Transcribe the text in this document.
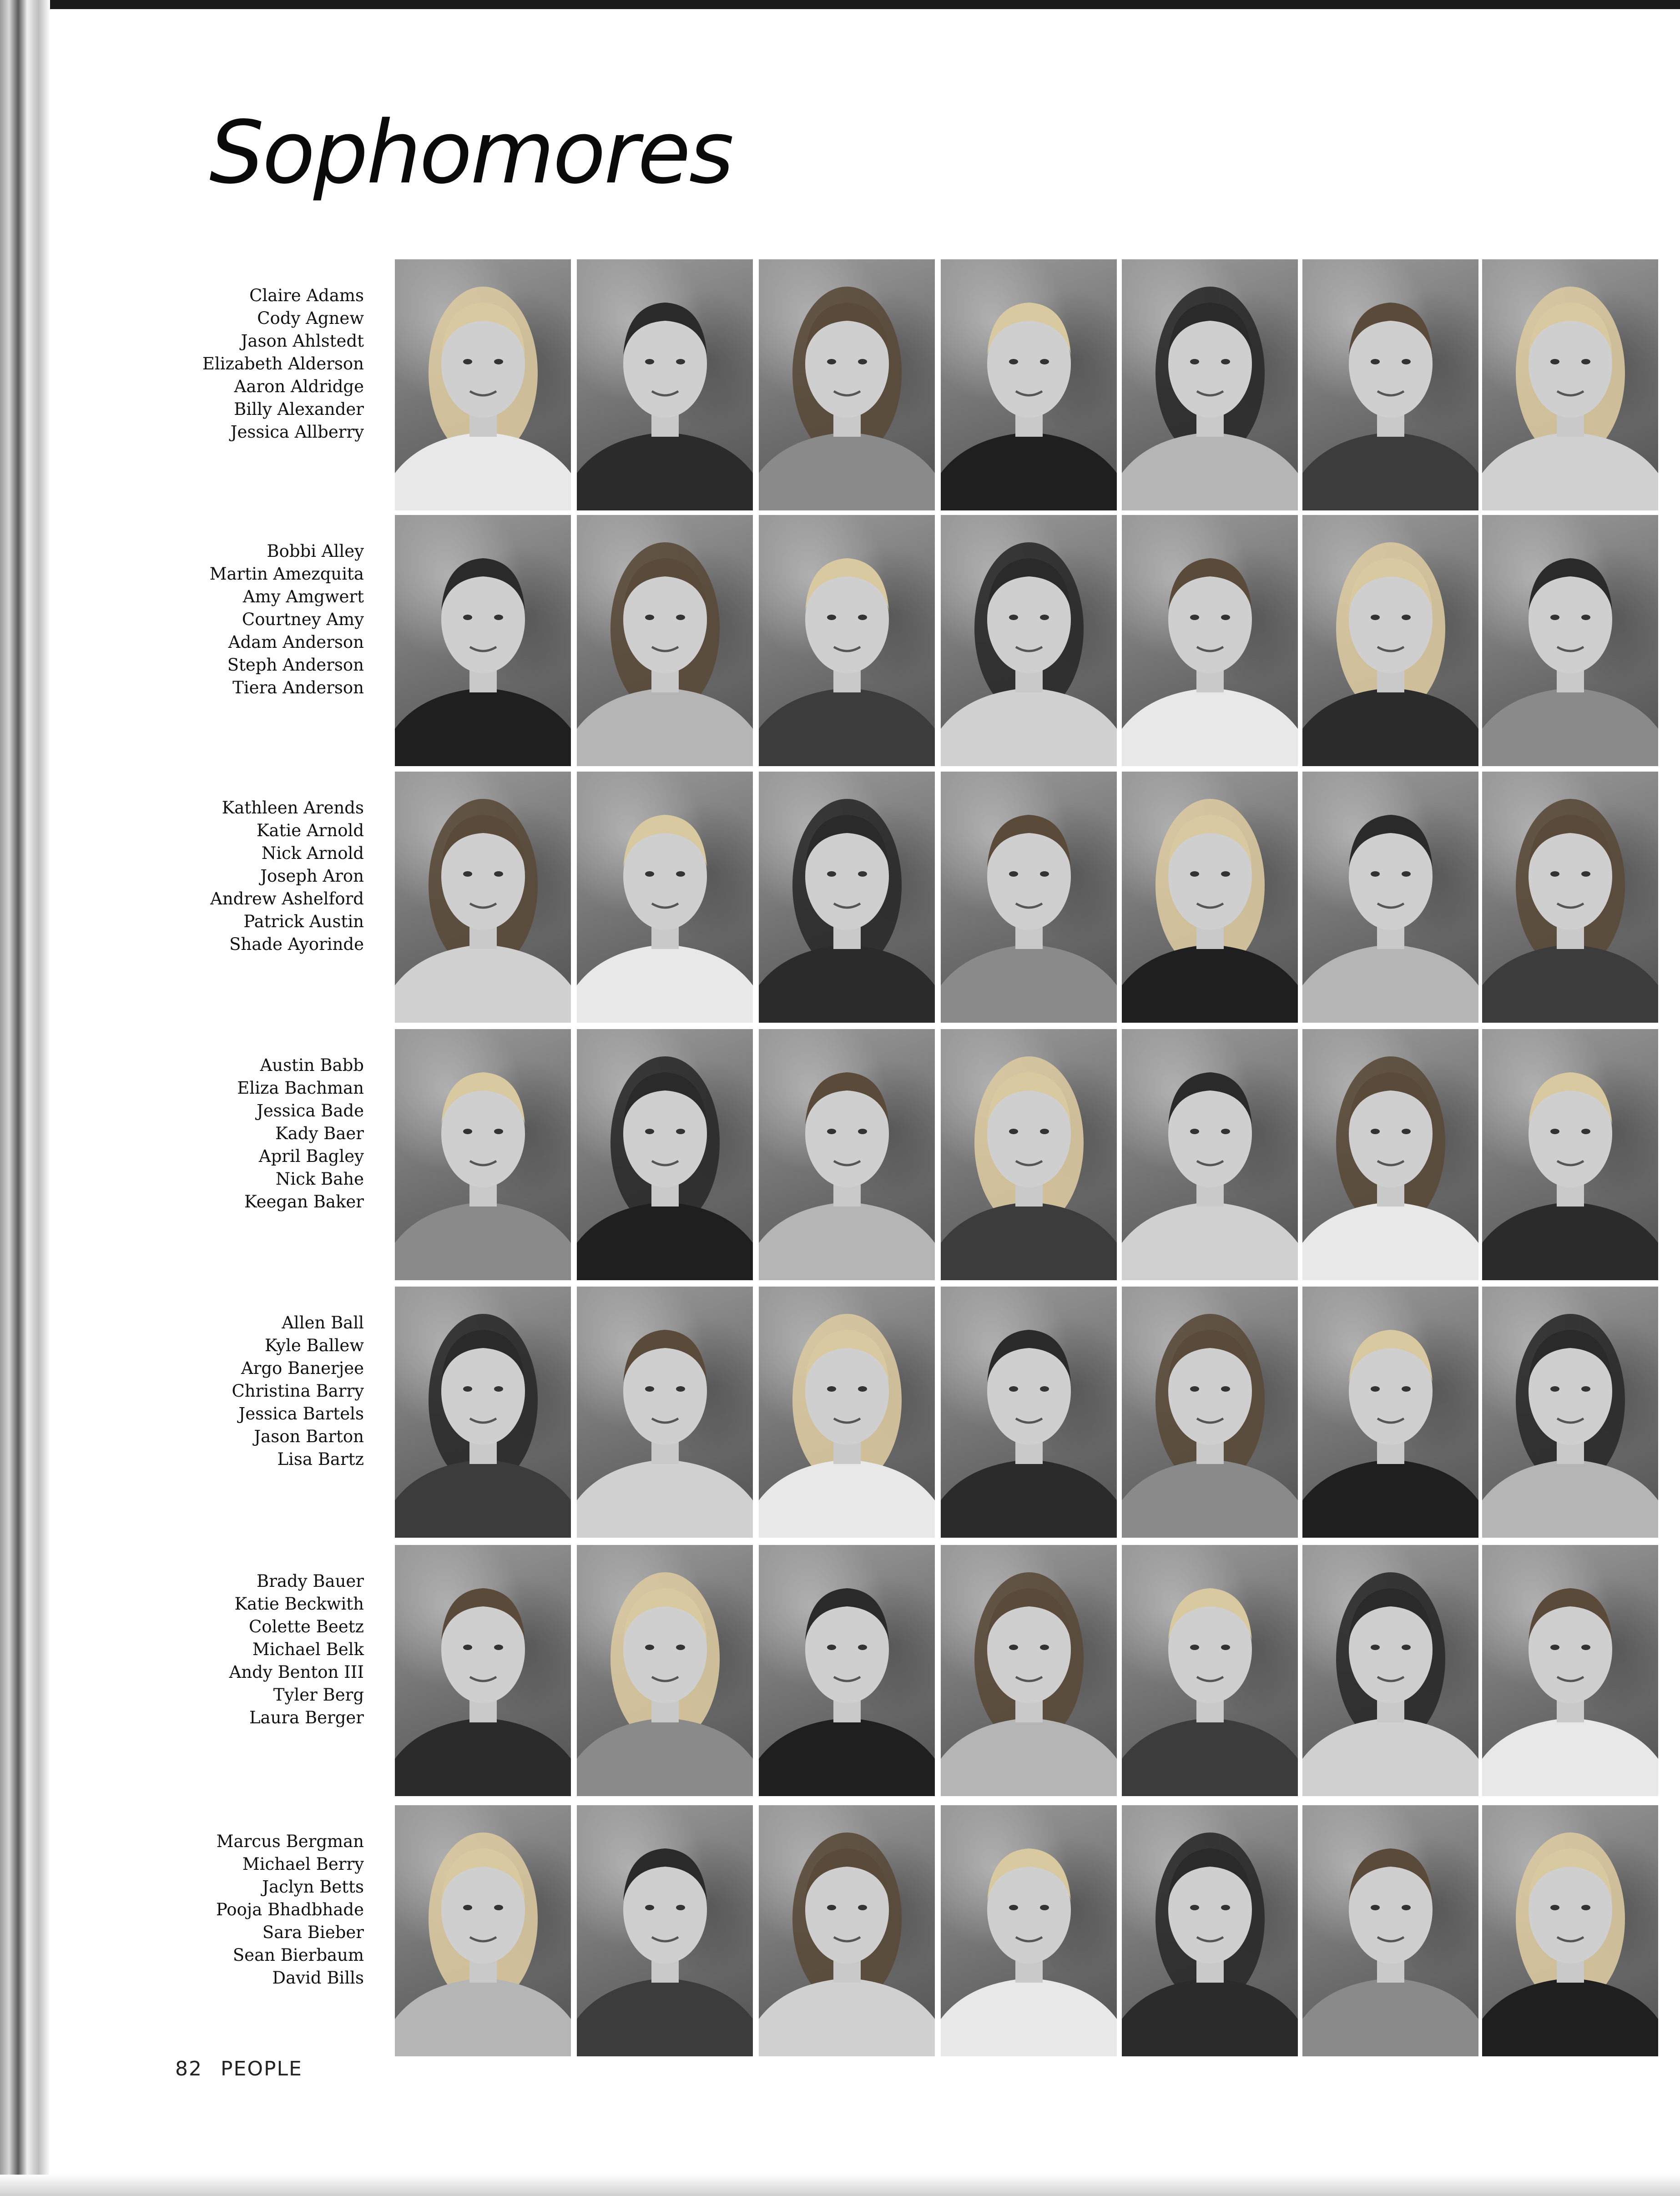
Sophomores
Claire Adams
Cody Agnew
Jason Ahlstedt
Elizabeth Alderson
Aaron Aldridge
Billy Alexander
Jessica Allberry
Bobbi Alley
Martin Amezquita
Amy Amgwert
Courtney Amy
Adam Anderson
Steph Anderson
Tiera Anderson
Kathleen Arends
Katie Arnold
Nick Arnold
Joseph Aron
Andrew Ashelford
Patrick Austin
Shade Ayorinde
Austin Babb
Eliza Bachman
Jessica Bade
Kady Baer
April Bagley
Nick Bahe
Keegan Baker
Allen Ball
Kyle Ballew
Argo Banerjee
Christina Barry
Jessica Bartels
Jason Barton
Lisa Bartz
Brady Bauer
Katie Beckwith
Colette Beetz
Michael Belk
Andy Benton III
Tyler Berg
Laura Berger
Marcus Bergman
Michael Berry
Jaclyn Betts
Pooja Bhadbhade
Sara Bieber
Sean Bierbaum
David Bills
82 PEOPLE
